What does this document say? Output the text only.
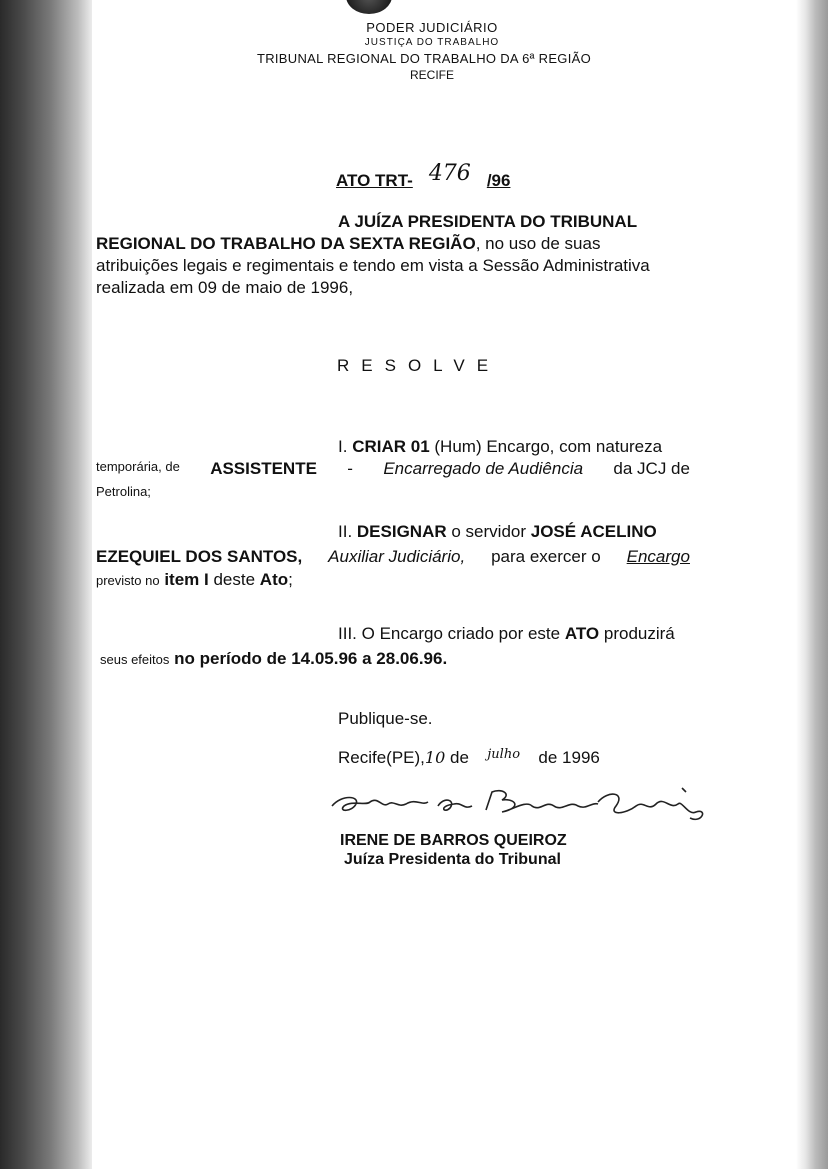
PODER JUDICIÁRIO
JUSTIÇA DO TRABALHO
TRIBUNAL REGIONAL DO TRABALHO DA 6ª REGIÃO
RECIFE
ATO TRT- 476 /96
A JUÍZA PRESIDENTA DO TRIBUNAL
REGIONAL DO TRABALHO DA SEXTA REGIÃO, no uso de suas
atribuições legais e regimentais e tendo em vista a Sessão Administrativa
realizada em 09 de maio de 1996,
RESOLVE
I. CRIAR 01 (Hum) Encargo, com natureza
temporária, de ASSISTENTE - Encarregado de Audiência da JCJ de
Petrolina;
II. DESIGNAR o servidor JOSÉ ACELINO
EZEQUIEL DOS SANTOS, Auxiliar Judiciário, para exercer o Encargo
previsto no item I deste Ato;
III. O Encargo criado por este ATO produzirá
seus efeitos no período de 14.05.96 a 28.06.96.
Publique-se.
Recife(PE),10 de julho de 1996
IRENE DE BARROS QUEIROZ
Juíza Presidenta do Tribunal
